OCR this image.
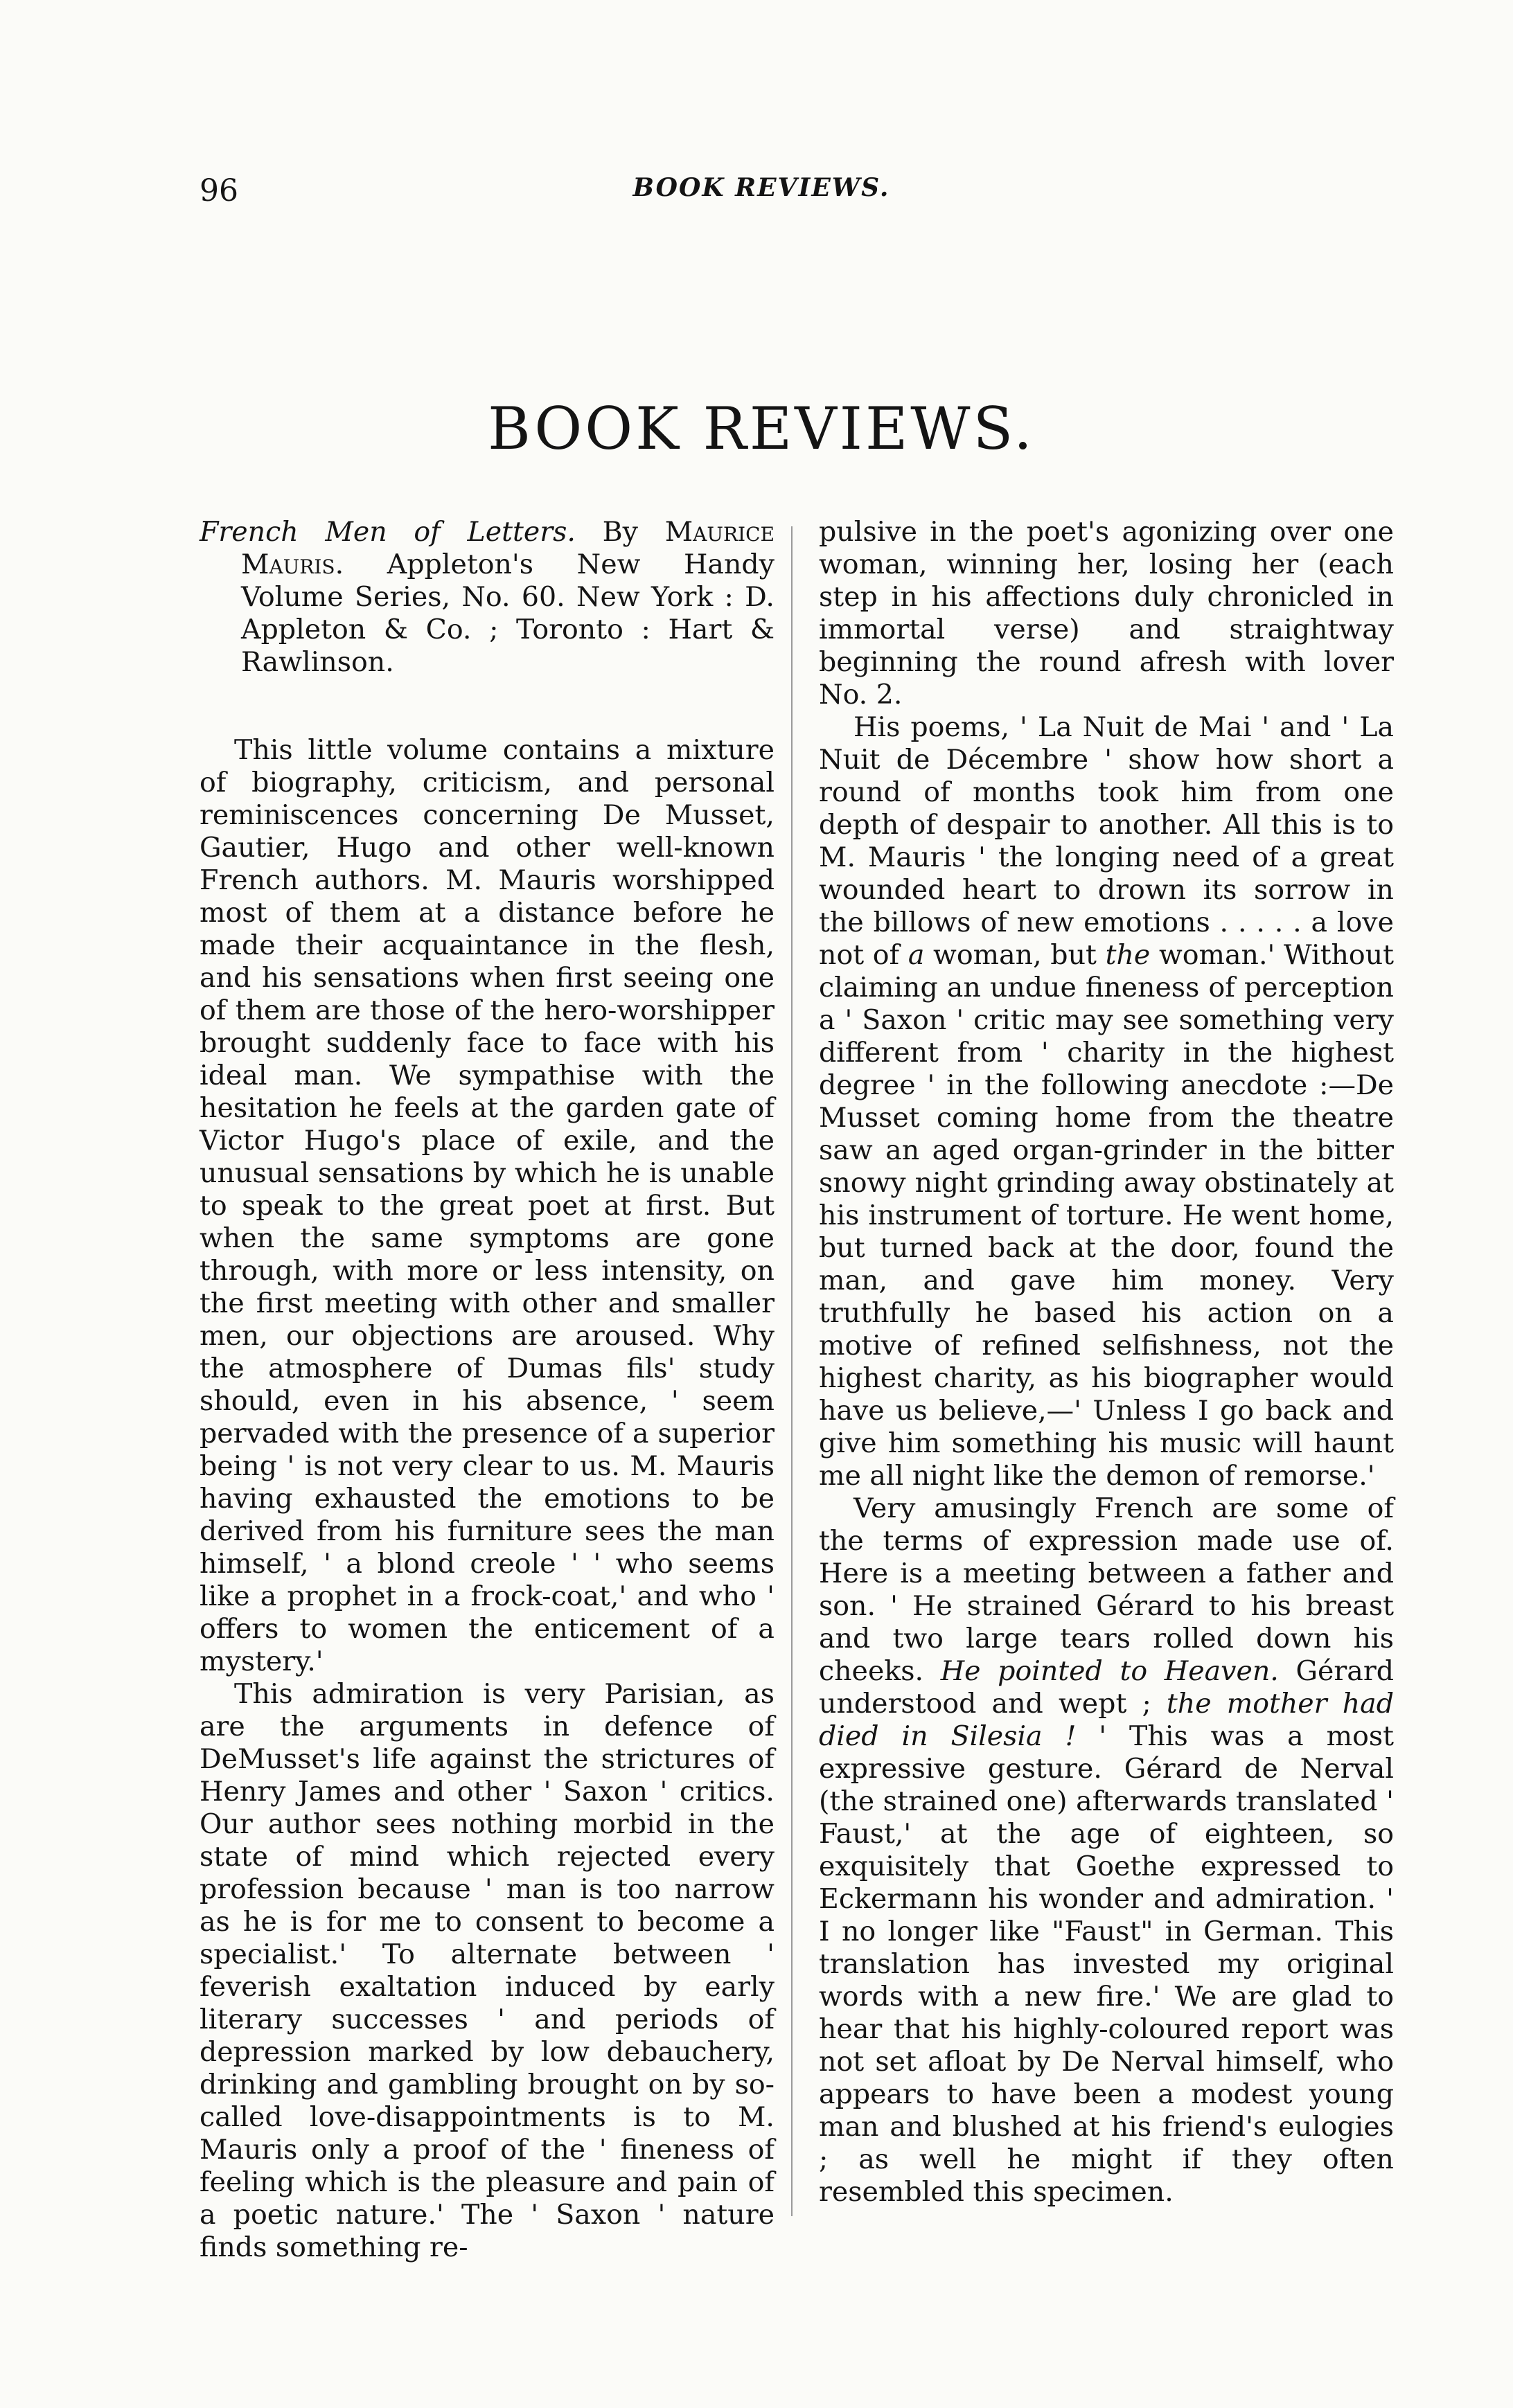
96	BOOK REVIEWS.
BOOK REVIEWS.

French Men of Letters. By Maurice Mauris. Appleton's New Handy Volume Series, No. 60. New York : D. Appleton & Co. ; Toronto : Hart & Rawlinson.

This little volume contains a mixture of biography, criticism, and personal reminiscences concerning De Musset, Gautier, Hugo and other well-known French authors. M. Mauris worshipped most of them at a distance before he made their acquaintance in the flesh, and his sensations when first seeing one of them are those of the hero-worshipper brought suddenly face to face with his ideal man. We sympathise with the hesitation he feels at the garden gate of Victor Hugo's place of exile, and the unusual sensations by which he is unable to speak to the great poet at first. But when the same symptoms are gone through, with more or less intensity, on the first meeting with other and smaller men, our objections are aroused. Why the atmosphere of Dumas fils' study should, even in his absence, ' seem pervaded with the presence of a superior being ' is not very clear to us. M. Mauris having exhausted the emotions to be derived from his furniture sees the man himself, ' a blond creole ' ' who seems like a prophet in a frock-coat,' and who ' offers to women the enticement of a mystery.'

This admiration is very Parisian, as are the arguments in defence of DeMusset's life against the strictures of Henry James and other ' Saxon ' critics. Our author sees nothing morbid in the state of mind which rejected every profession because ' man is too narrow as he is for me to consent to become a specialist.' To alternate between ' feverish exaltation induced by early literary successes ' and periods of depression marked by low debauchery, drinking and gambling brought on by so-called love-disappointments is to M. Mauris only a proof of the ' fineness of feeling which is the pleasure and pain of a poetic nature.' The ' Saxon ' nature finds something re-

pulsive in the poet's agonizing over one woman, winning her, losing her (each step in his affections duly chronicled in immortal verse) and straightway beginning the round afresh with lover No. 2.

His poems, ' La Nuit de Mai ' and ' La Nuit de Décembre ' show how short a round of months took him from one depth of despair to another. All this is to M. Mauris ' the longing need of a great wounded heart to drown its sorrow in the billows of new emotions . . . . . a love not of a woman, but the woman.' Without claiming an undue fineness of perception a ' Saxon ' critic may see something very different from ' charity in the highest degree ' in the following anecdote :—De Musset coming home from the theatre saw an aged organ-grinder in the bitter snowy night grinding away obstinately at his instrument of torture. He went home, but turned back at the door, found the man, and gave him money. Very truthfully he based his action on a motive of refined selfishness, not the highest charity, as his biographer would have us believe,—' Unless I go back and give him something his music will haunt me all night like the demon of remorse.'

Very amusingly French are some of the terms of expression made use of. Here is a meeting between a father and son. ' He strained Gérard to his breast and two large tears rolled down his cheeks. He pointed to Heaven. Gérard understood and wept ; the mother had died in Silesia ! ' This was a most expressive gesture. Gérard de Nerval (the strained one) afterwards translated ' Faust,' at the age of eighteen, so exquisitely that Goethe expressed to Eckermann his wonder and admiration. ' I no longer like "Faust" in German. This translation has invested my original words with a new fire.' We are glad to hear that his highly-coloured report was not set afloat by De Nerval himself, who appears to have been a modest young man and blushed at his friend's eulogies ; as well he might if they often resembled this specimen.
